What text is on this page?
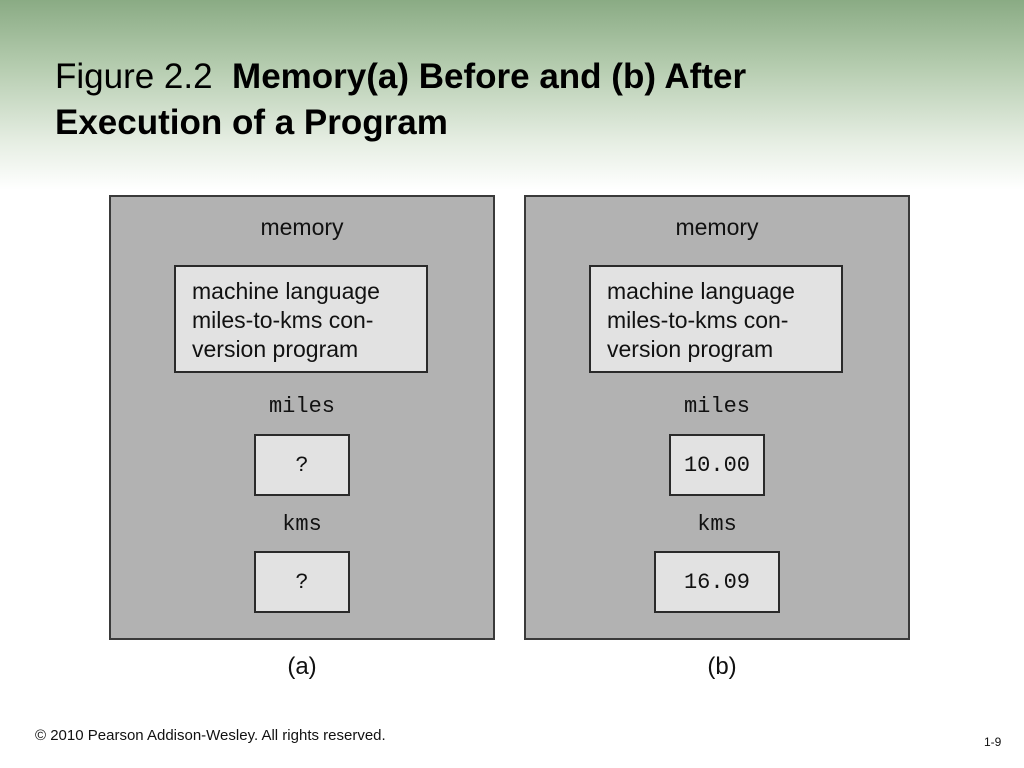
Figure 2.2 Memory(a) Before and (b) After
Execution of a Program
memory
machine language
miles-to-kms con-
version program
miles
?
kms
?
memory
machine language
miles-to-kms con-
version program
miles
10.00
kms
16.09
(a)	(b)
© 2010 Pearson Addison-Wesley. All rights reserved.	1-9
